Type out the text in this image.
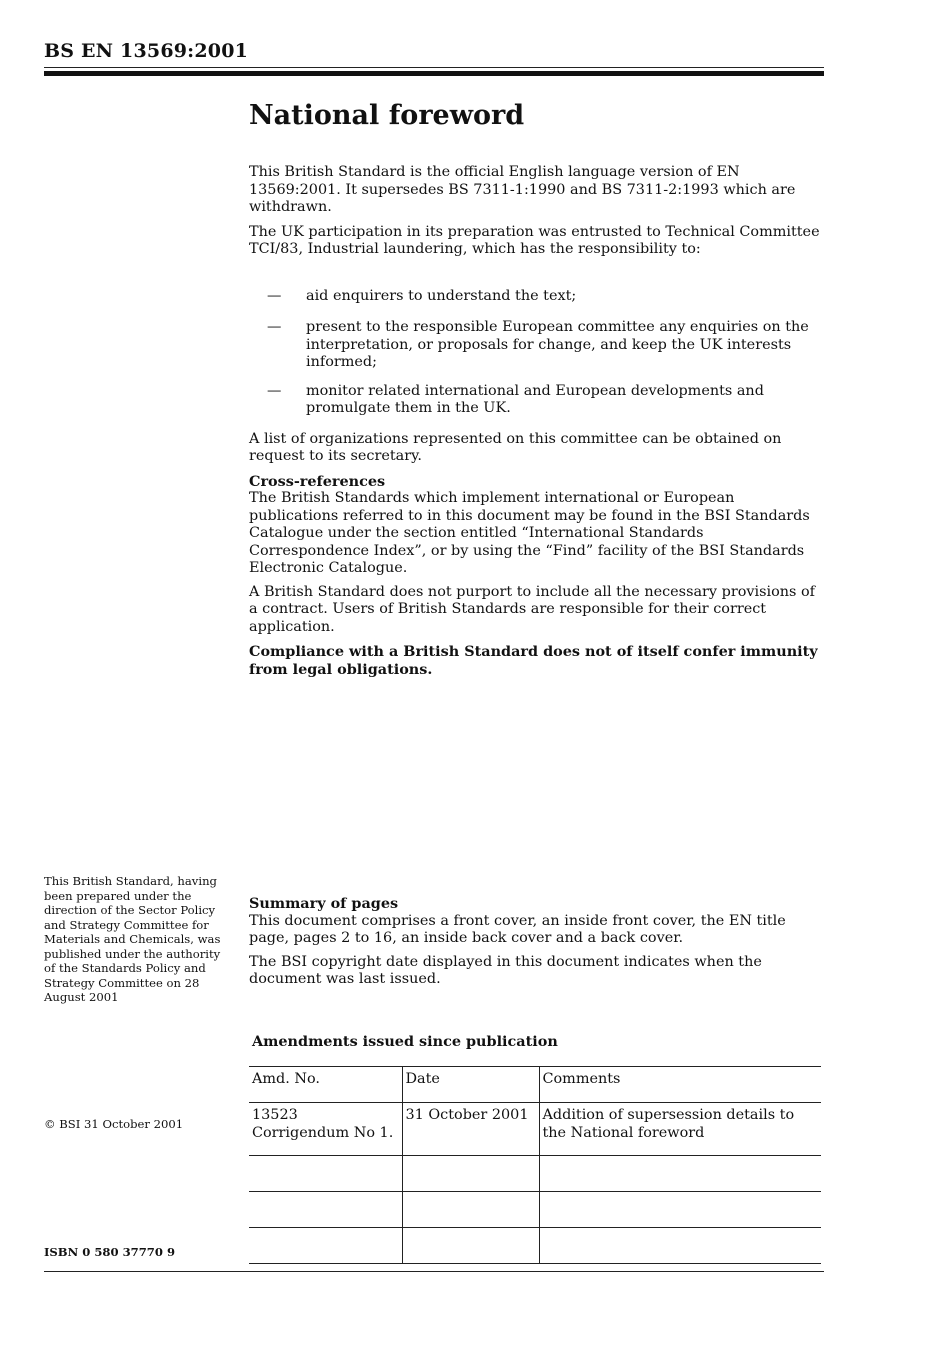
BS EN 13569:2001
National foreword

This British Standard is the official English language version of EN 13569:2001. It supersedes BS 7311-1:1990 and BS 7311-2:1993 which are withdrawn.

The UK participation in its preparation was entrusted to Technical Committee TCI/83, Industrial laundering, which has the responsibility to:

— aid enquirers to understand the text;
— present to the responsible European committee any enquiries on the interpretation, or proposals for change, and keep the UK interests informed;
— monitor related international and European developments and promulgate them in the UK.

A list of organizations represented on this committee can be obtained on request to its secretary.

Cross-references

The British Standards which implement international or European publications referred to in this document may be found in the BSI Standards Catalogue under the section entitled “International Standards Correspondence Index”, or by using the “Find” facility of the BSI Standards Electronic Catalogue.

A British Standard does not purport to include all the necessary provisions of a contract. Users of British Standards are responsible for their correct application.

Compliance with a British Standard does not of itself confer immunity from legal obligations.

This British Standard, having been prepared under the direction of the Sector Policy and Strategy Committee for Materials and Chemicals, was published under the authority of the Standards Policy and Strategy Committee on 28 August 2001
© BSI 31 October 2001
ISBN 0 580 37770 9

Summary of pages

This document comprises a front cover, an inside front cover, the EN title page, pages 2 to 16, an inside back cover and a back cover.

The BSI copyright date displayed in this document indicates when the document was last issued.

Amendments issued since publication
Amd. No.	Date	Comments
13523 Corrigendum No 1.	31 October 2001	Addition of supersession details to the National foreword
